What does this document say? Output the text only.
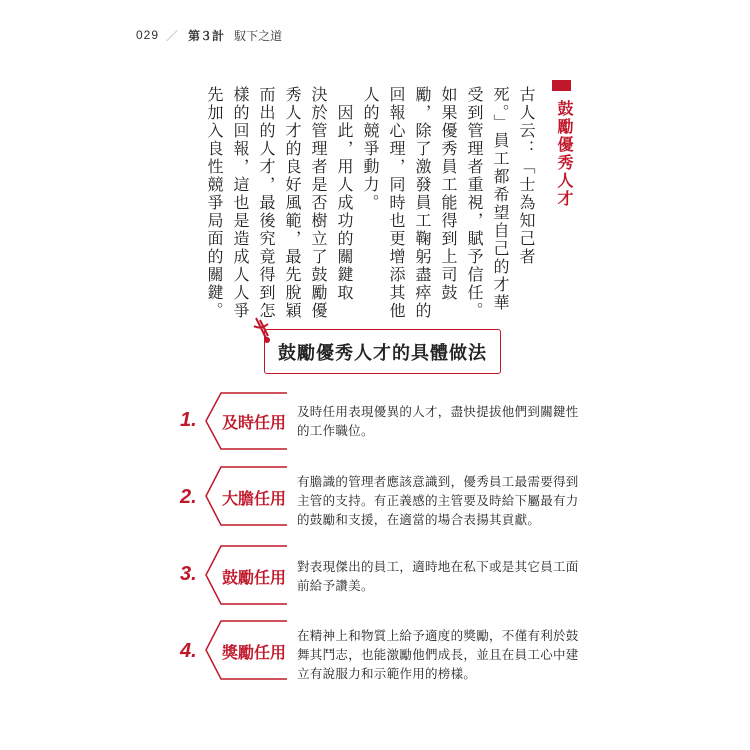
029 ／ 第３計 馭下之道
鼓勵優秀人才
古人云：「士為知己者
死。」員工都希望自己的才華
受到管理者重視，賦予信任。
如果優秀員工能得到上司鼓
勵，除了激發員工鞠躬盡瘁的
回報心理，同時也更增添其他
人的競爭動力。
　因此，用人成功的關鍵取
決於管理者是否樹立了鼓勵優
秀人才的良好風範，最先脫穎
而出的人才，最後究竟得到怎
樣的回報，這也是造成人人爭
先加入良性競爭局面的關鍵。
鼓勵優秀人才的具體做法
1. 及時任用
及時任用表現優異的人才，盡快提拔他們到關鍵性的工作職位。
2. 大膽任用
有膽識的管理者應該意識到，優秀員工最需要得到主管的支持。有正義感的主管要及時給下屬最有力的鼓勵和支援，在適當的場合表揚其貢獻。
3. 鼓勵任用
對表現傑出的員工，適時地在私下或是其它員工面前給予讚美。
4. 獎勵任用
在精神上和物質上給予適度的獎勵，不僅有利於鼓舞其鬥志，也能激勵他們成長，並且在員工心中建立有說服力和示範作用的榜樣。
